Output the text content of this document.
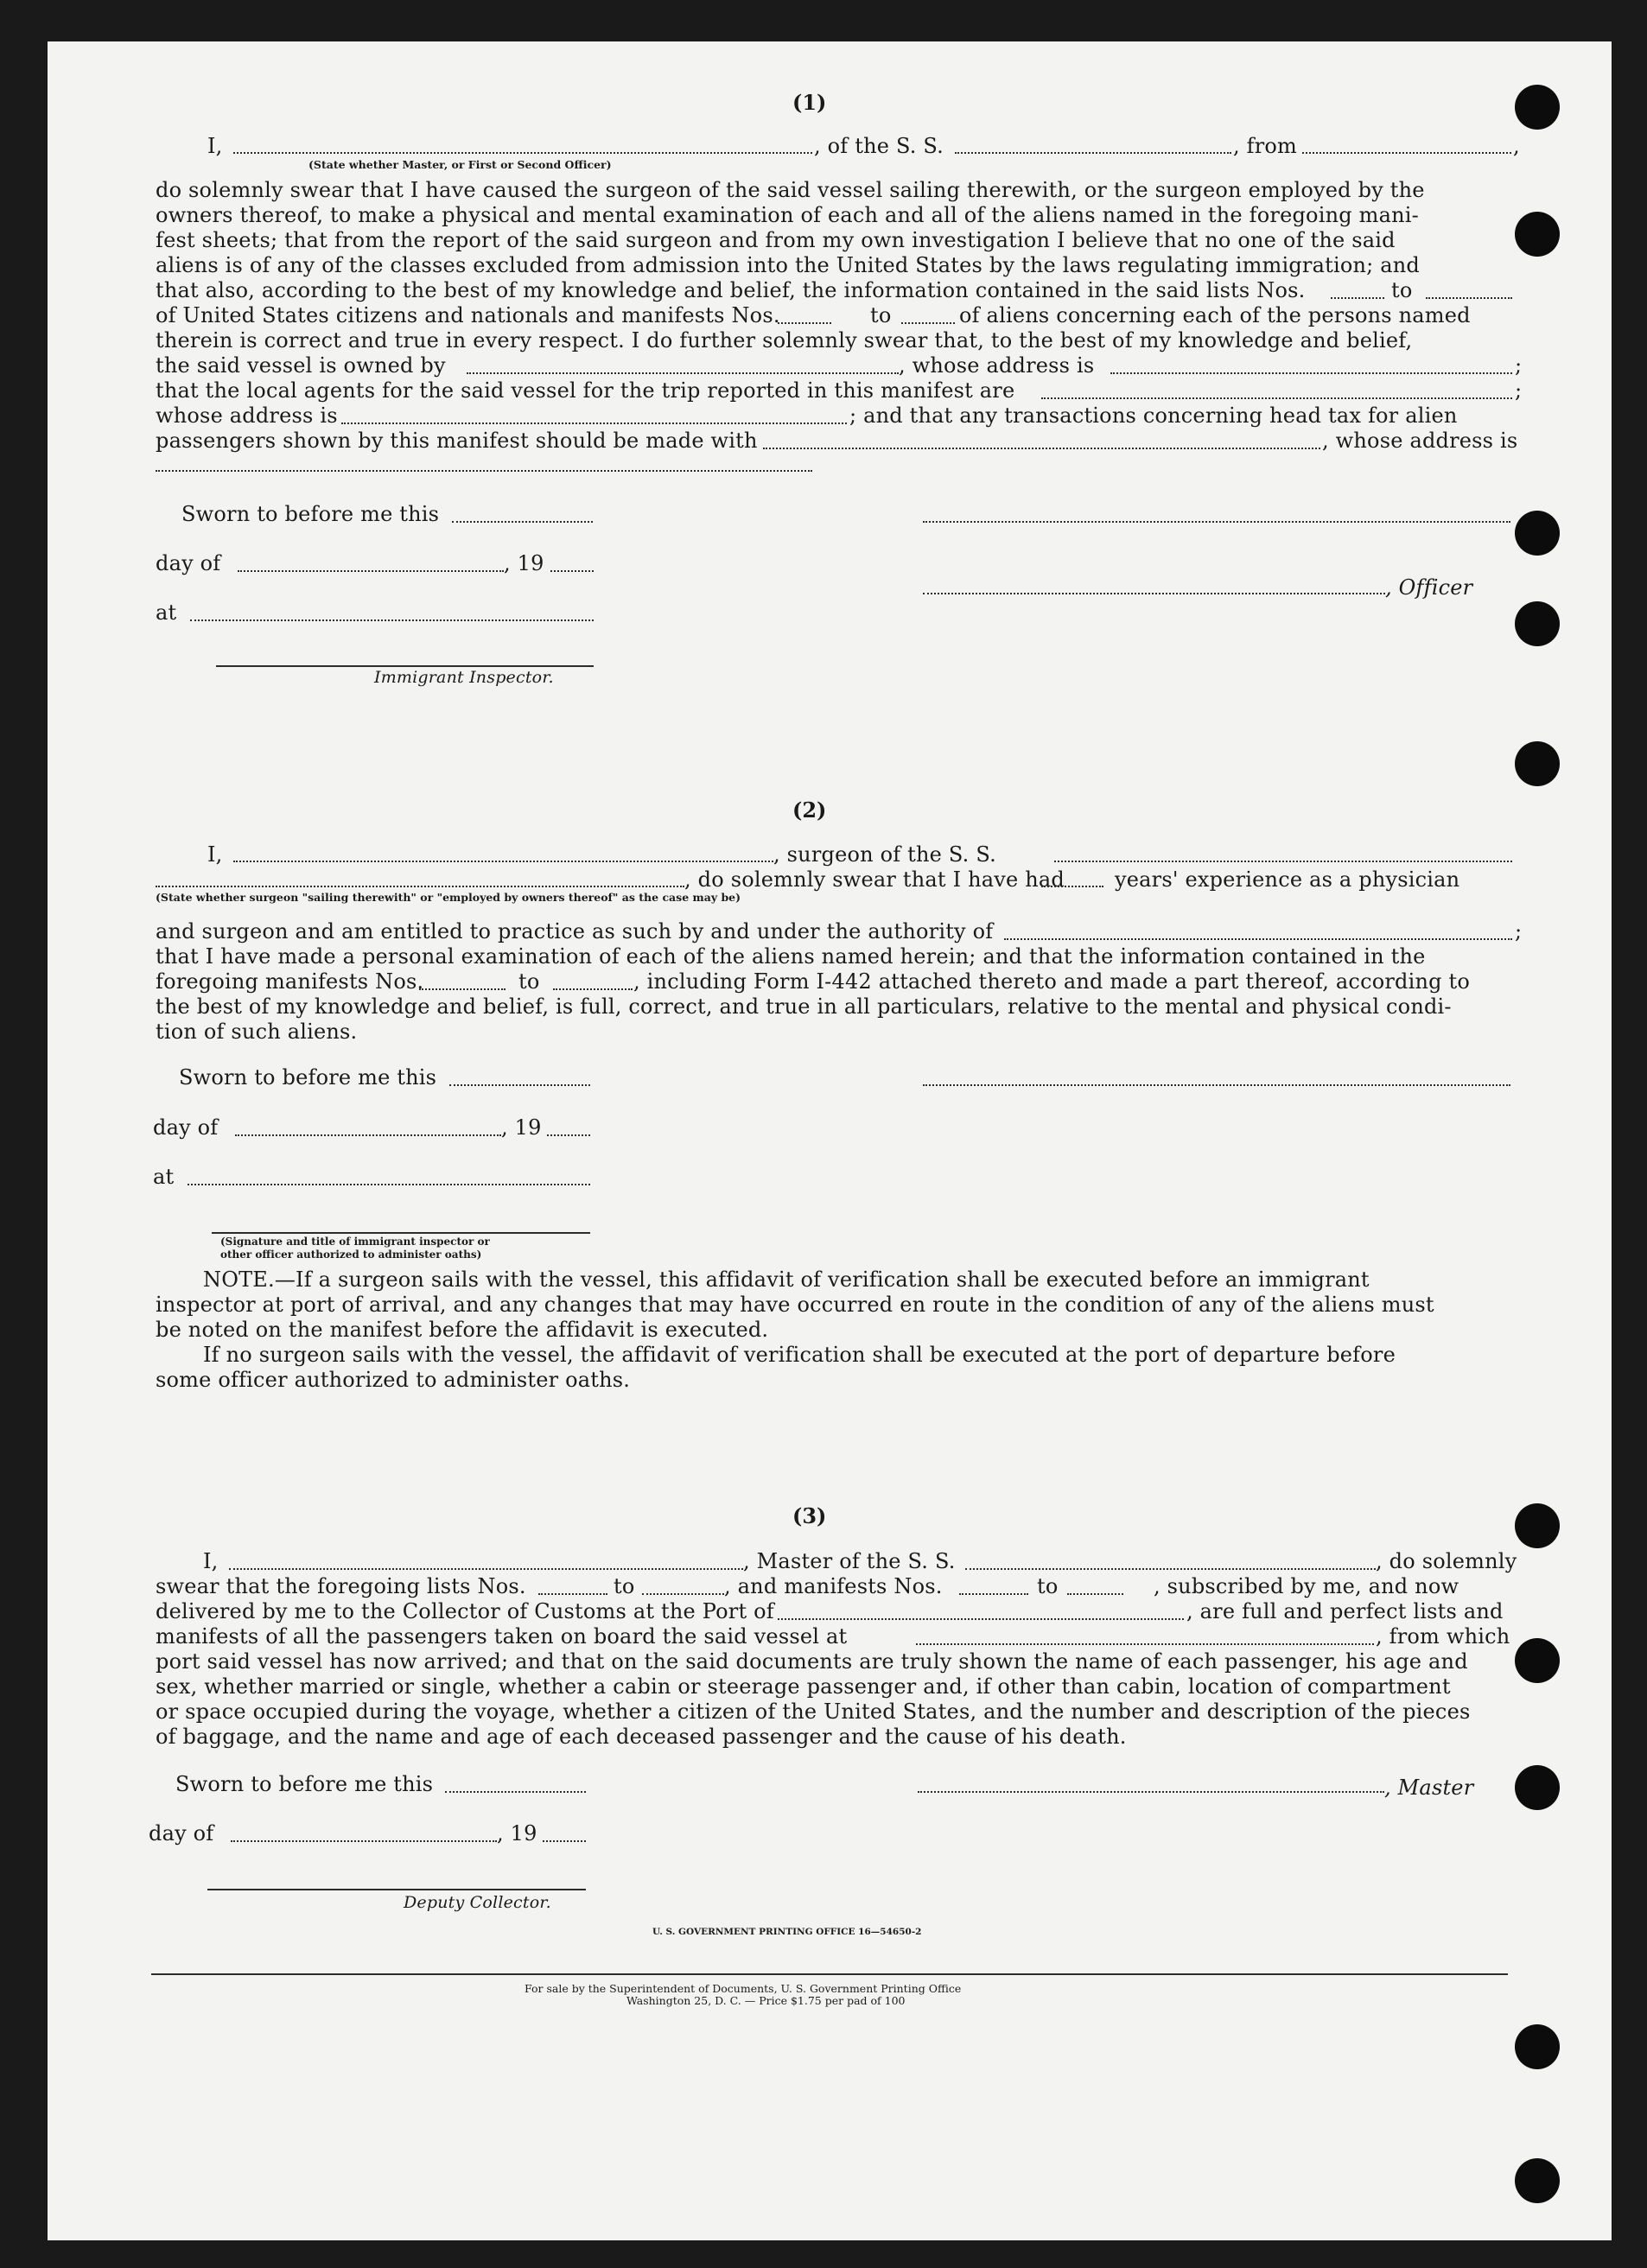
(1)
I,	, of the S. S.	, from	,
(State whether Master, or First or Second Officer)
do solemnly swear that I have caused the surgeon of the said vessel sailing therewith, or the surgeon employed by the
owners thereof, to make a physical and mental examination of each and all of the aliens named in the foregoing mani-
fest sheets; that from the report of the said surgeon and from my own investigation I believe that no one of the said
aliens is of any of the classes excluded from admission into the United States by the laws regulating immigration; and
that also, according to the best of my knowledge and belief, the information contained in the said lists Nos.	to
of United States citizens and nationals and manifests Nos.	to	of aliens concerning each of the persons named
therein is correct and true in every respect. I do further solemnly swear that, to the best of my knowledge and belief,
the said vessel is owned by	, whose address is	;
that the local agents for the said vessel for the trip reported in this manifest are	;
whose address is	; and that any transactions concerning head tax for alien
passengers shown by this manifest should be made with	, whose address is
Sworn to before me this
day of	, 19
, Officer
at
Immigrant Inspector.
(2)
I,	, surgeon of the S. S.
, do solemnly swear that I have had years' experience as a physician
(State whether surgeon "sailing therewith" or "employed by owners thereof" as the case may be)
and surgeon and am entitled to practice as such by and under the authority of	;
that I have made a personal examination of each of the aliens named herein; and that the information contained in the
foregoing manifests Nos.	to	, including Form I-442 attached thereto and made a part thereof, according to
the best of my knowledge and belief, is full, correct, and true in all particulars, relative to the mental and physical condi-
tion of such aliens.
Sworn to before me this
day of	, 19
at
(Signature and title of immigrant inspector or
other officer authorized to administer oaths)
NOTE.—If a surgeon sails with the vessel, this affidavit of verification shall be executed before an immigrant
inspector at port of arrival, and any changes that may have occurred en route in the condition of any of the aliens must
be noted on the manifest before the affidavit is executed.
If no surgeon sails with the vessel, the affidavit of verification shall be executed at the port of departure before
some officer authorized to administer oaths.
(3)
I,	, Master of the S. S.	, do solemnly
swear that the foregoing lists Nos.	to	, and manifests Nos.	to	, subscribed by me, and now
delivered by me to the Collector of Customs at the Port of	, are full and perfect lists and
manifests of all the passengers taken on board the said vessel at	, from which
port said vessel has now arrived; and that on the said documents are truly shown the name of each passenger, his age and
sex, whether married or single, whether a cabin or steerage passenger and, if other than cabin, location of compartment
or space occupied during the voyage, whether a citizen of the United States, and the number and description of the pieces
of baggage, and the name and age of each deceased passenger and the cause of his death.
Sworn to before me this	, Master
day of	, 19
Deputy Collector.
U. S. GOVERNMENT PRINTING OFFICE 16—54650-2
For sale by the Superintendent of Documents, U. S. Government Printing Office
Washington 25, D. C. — Price $1.75 per pad of 100
